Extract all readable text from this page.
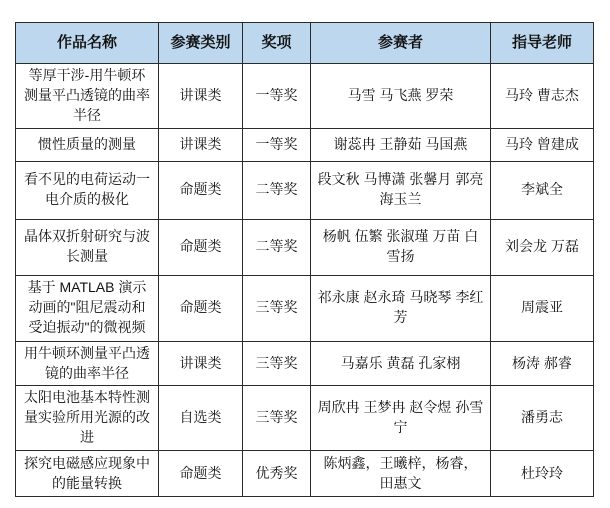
作品名称	参赛类别	奖项	参赛者	指导老师
等厚干涉-用牛顿环测量平凸透镜的曲率半径	讲课类	一等奖	马雪 马飞燕 罗荣	马玲 曹志杰
惯性质量的测量	讲课类	一等奖	谢蕊冉 王静茹 马国燕	马玲 曾建成
看不见的电荷运动一电介质的极化	命题类	二等奖	段文秋 马博潇 张馨月 郭亮 海玉兰	李斌全
晶体双折射研究与波长测量	命题类	二等奖	杨帆 伍繁 张淑瑾 万苗 白雪扬	刘会龙 万磊
基于 MATLAB 演示动画的"阻尼震动和受迫振动"的微视频	命题类	三等奖	祁永康 赵永琦 马晓琴 李红芳	周震亚
用牛顿环测量平凸透镜的曲率半径	讲课类	三等奖	马嘉乐 黄磊 孔家栩	杨涛 郝睿
太阳电池基本特性测量实验所用光源的改进	自选类	三等奖	周欣冉 王梦冉 赵令煜 孙雪宁	潘勇志
探究电磁感应现象中的能量转换	命题类	优秀奖	陈炳鑫，王曦梓，杨睿，田惠文	杜玲玲
